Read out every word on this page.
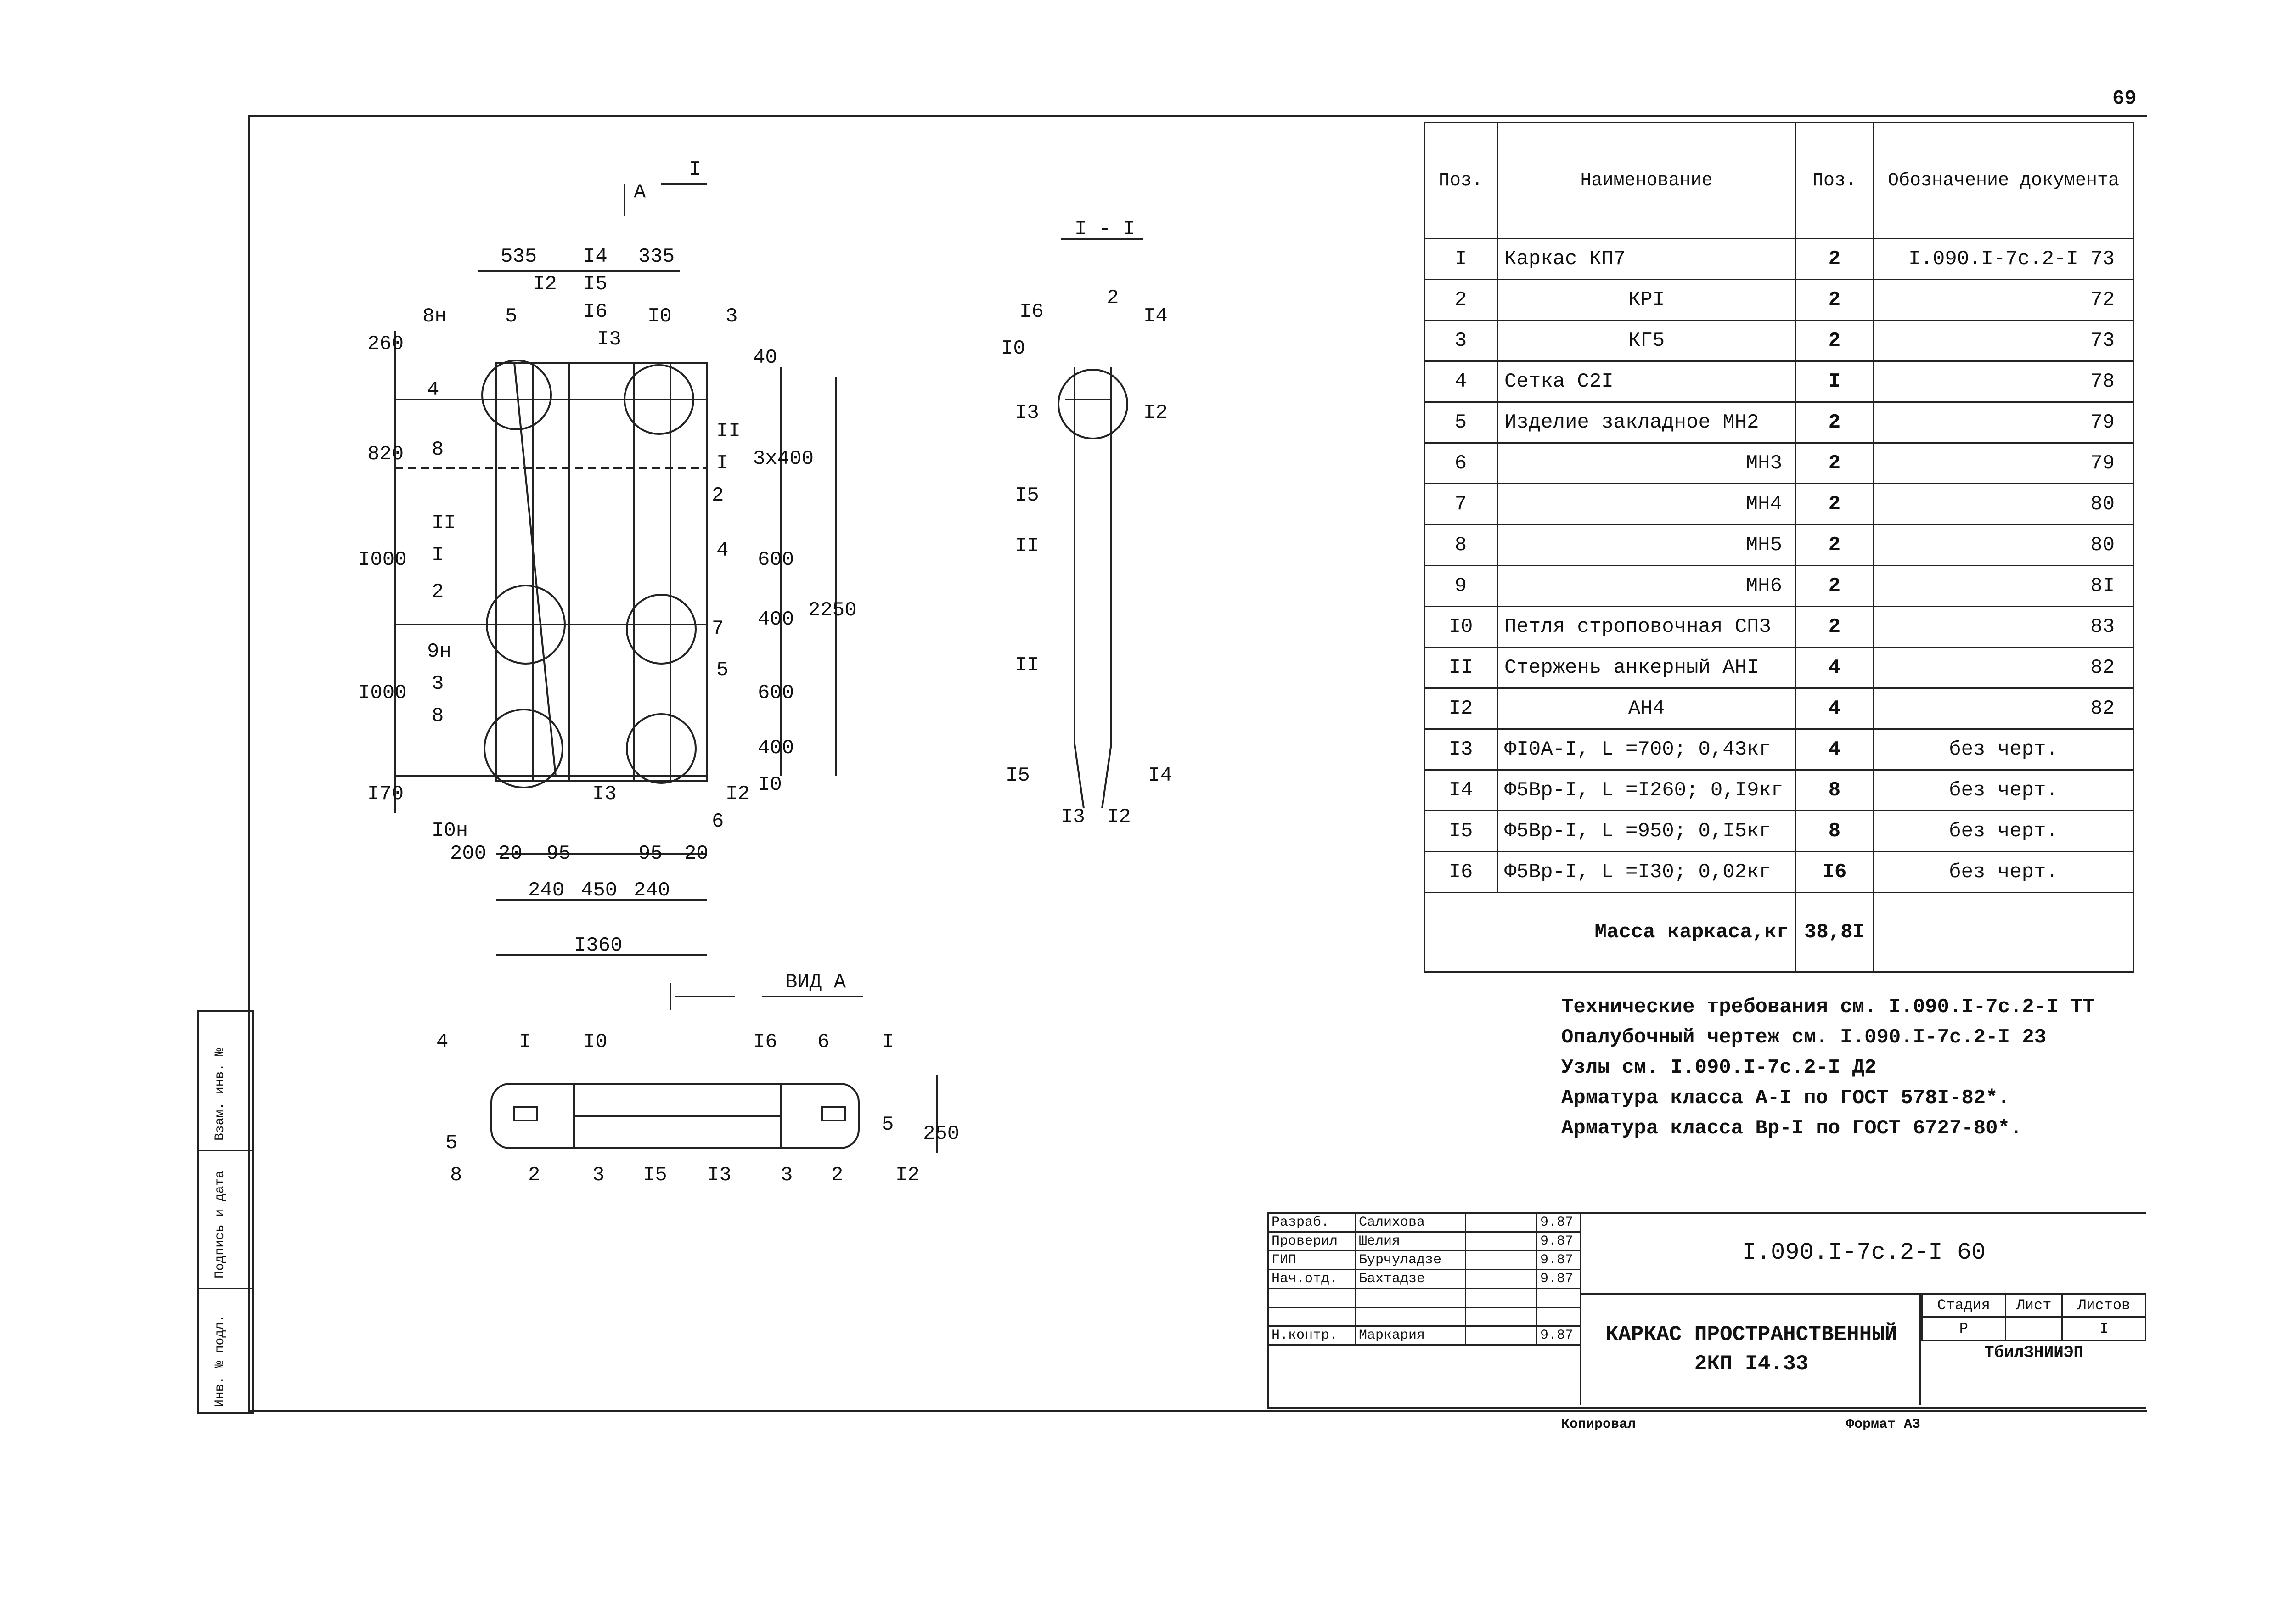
69
А
I
I - I
ВИД А
535 I4 335
I2 I5
I6
I3
I0
260
820
I000
I000
I70
40
3x400
600
400
600
400
I0
2250
200 20 95	95 20
240 450 240
I360
8н	5
4
8
II
I
2
9н
3
8
I0н
3
II
I
2
4
7
5
I2
6
I3
I6
2
I4
I0
I3	I2
I5
II
II
I5	I4
I3 I2
4	I	I0	I6 6	I
5
8	2	3 I5 I3 3 2	I2
5 250
Поз.	Наименование	Поз.	Обозначение документа
I	Каркас КП7	2	I.090.I-7с.2-I 73
2	КРI	2	72
3	КГ5	2	73
4	Сетка С2I	I	78
5	Изделие закладное МН2	2	79
6	МН3	2	79
7	МН4	2	80
8	МН5	2	80
9	МН6	2	8I
I0	Петля строповочная СП3	2	83
II	Стержень анкерный АНI	4	82
I2	АН4	4	82
I3	ФI0А-I, L =700; 0,43кг	4	без черт.
I4	Ф5Вр-I, L =I260; 0,I9кг	8	без черт.
I5	Ф5Вр-I, L =950; 0,I5кг	8	без черт.
I6	Ф5Вр-I, L =I30; 0,02кг	I6	без черт.
Масса каркаса,кг		38,8I	
Технические требования см. I.090.I-7с.2-I ТТ
Опалубочный чертеж см. I.090.I-7с.2-I 23
Узлы см. I.090.I-7с.2-I Д2
Арматура класса А-I по ГОСТ 578I-82*.
Арматура класса Вр-I по ГОСТ 6727-80*.
Разраб.	Салихова		9.87
Проверил	Шелия		9.87
ГИП	Бурчуладзе		9.87
Нач.отд.	Бахтадзе		9.87

Н.контр.	Маркария		9.87
I.090.I-7с.2-I 60
КАРКАС ПРОСТРАНСТВЕННЫЙ
2КП I4.33
Стадия	Лист	Листов
Р		I
ТбилЗНИИЭП
Копировал	Формат А3
Взам. инв. №
Подпись и дата
Инв. № подл.
